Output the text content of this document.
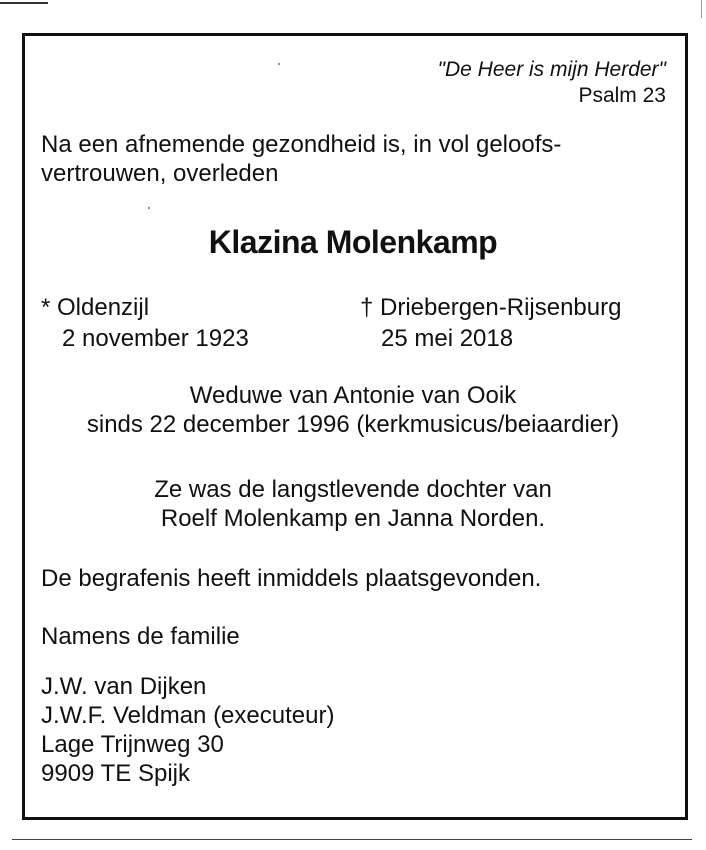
"De Heer is mijn Herder"
Psalm 23
Na een afnemende gezondheid is, in vol geloofs-
vertrouwen, overleden
Klazina Molenkamp
* Oldenzijl
2 november 1923
† Driebergen-Rijsenburg
25 mei 2018
Weduwe van Antonie van Ooik
sinds 22 december 1996 (kerkmusicus/beiaardier)
Ze was de langstlevende dochter van
Roelf Molenkamp en Janna Norden.
De begrafenis heeft inmiddels plaatsgevonden.
Namens de familie
J.W. van Dijken
J.W.F. Veldman (executeur)
Lage Trijnweg 30
9909 TE Spijk
